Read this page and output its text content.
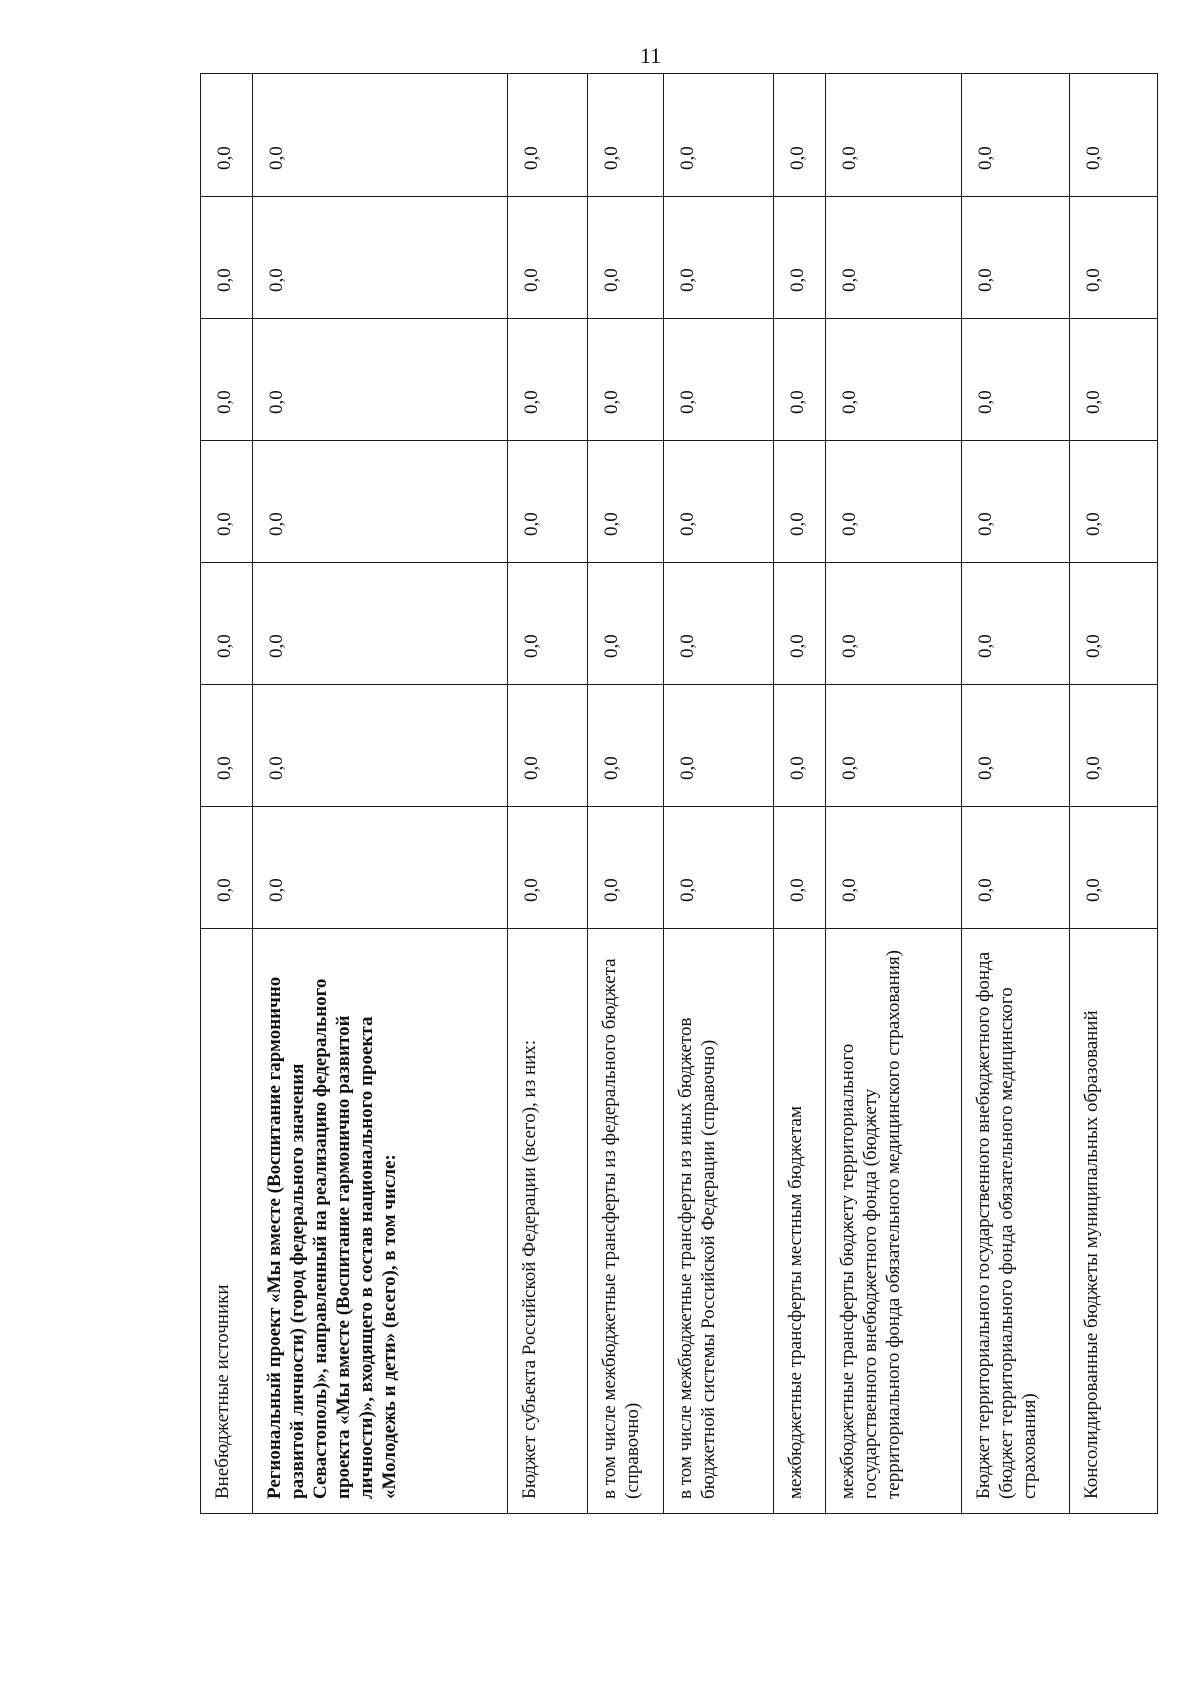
11
Внебюджетные источники	0,0	0,0	0,0	0,0	0,0	0,0	0,0
Региональный проект «Мы вместе (Воспитание гармонично развитой личности) (город федерального значения Севастополь)», направленный на реализацию федерального проекта «Мы вместе (Воспитание гармонично развитой личности)», входящего в состав национального проекта «Молодежь и дети» (всего), в том числе:	0,0	0,0	0,0	0,0	0,0	0,0	0,0
Бюджет субъекта Российской Федерации (всего), из них:	0,0	0,0	0,0	0,0	0,0	0,0	0,0
в том числе межбюджетные трансферты из федерального бюджета (справочно)	0,0	0,0	0,0	0,0	0,0	0,0	0,0
в том числе межбюджетные трансферты из иных бюджетов бюджетной системы Российской Федерации (справочно)	0,0	0,0	0,0	0,0	0,0	0,0	0,0
межбюджетные трансферты местным бюджетам	0,0	0,0	0,0	0,0	0,0	0,0	0,0
межбюджетные трансферты бюджету территориального государственного внебюджетного фонда (бюджету территориального фонда обязательного медицинского страхования)	0,0	0,0	0,0	0,0	0,0	0,0	0,0
Бюджет территориального государственного внебюджетного фонда (бюджет территориального фонда обязательного медицинского страхования)	0,0	0,0	0,0	0,0	0,0	0,0	0,0
Консолидированные бюджеты муниципальных образований	0,0	0,0	0,0	0,0	0,0	0,0	0,0
